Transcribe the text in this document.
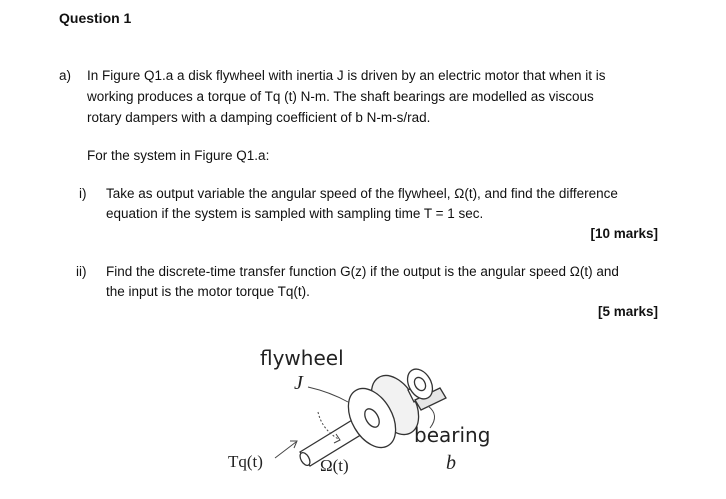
Question 1
a) In Figure Q1.a a disk flywheel with inertia J is driven by an electric motor that when it is
working produces a torque of Tq (t) N-m. The shaft bearings are modelled as viscous
rotary dampers with a damping coefficient of b N-m-s/rad.
For the system in Figure Q1.a:
i) Take as output variable the angular speed of the flywheel, Ω(t), and find the difference
equation if the system is sampled with sampling time T = 1 sec.
[10 marks]
ii) Find the discrete-time transfer function G(z) if the output is the angular speed Ω(t) and
the input is the motor torque Tq(t).
[5 marks]
flywheel
J
bearing
b
Tq(t)	Ω(t)
